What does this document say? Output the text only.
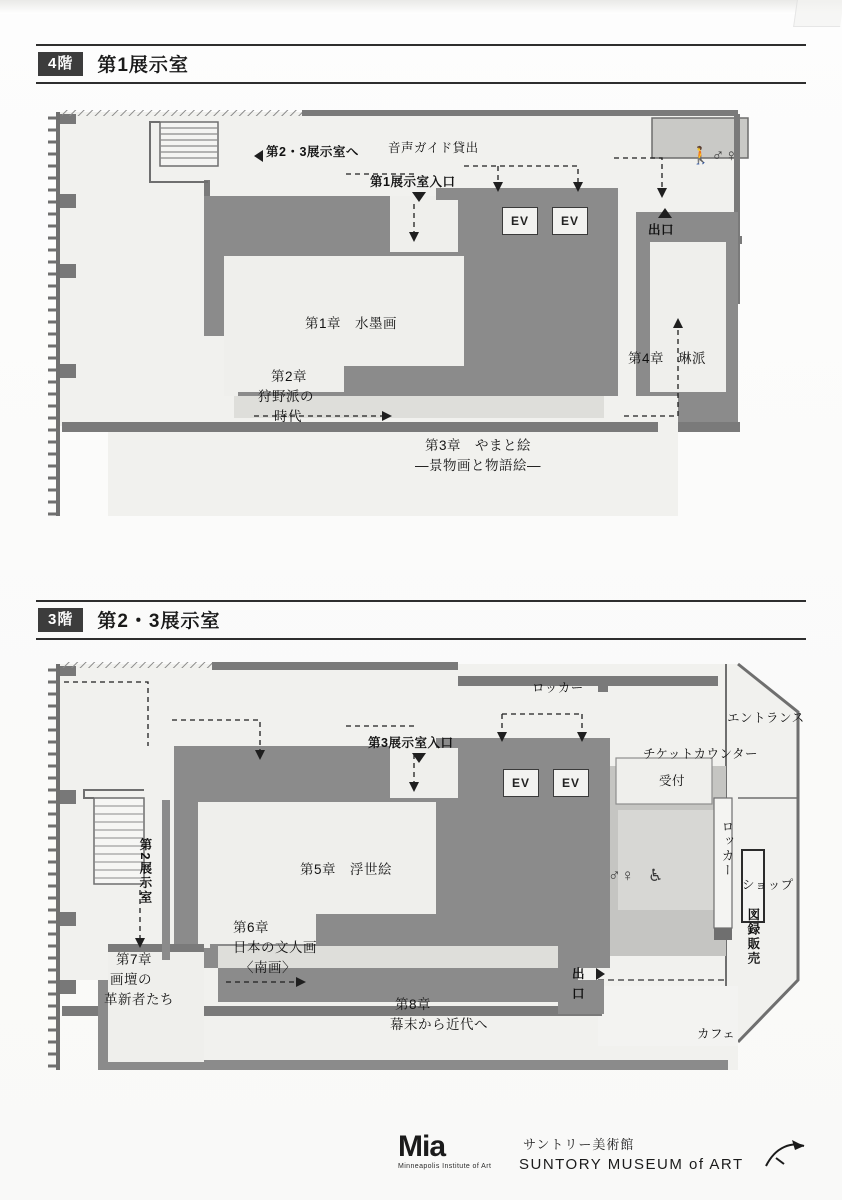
4階	第1展示室
音声ガイド貸出
第2・3展示室へ
第1展示室入口
出口
EV	EV
🚶♂♀
第1章　水墨画
第2章
狩野派の
時代
第3章　やまと絵
—景物画と物語絵—
第4章　琳派
3階	第2・3展示室
ロッカー
エントランス
チケットカウンター
受付
第3展示室入口
EV	EV
ロッカー
ショップ
図録販売
カフェ
出
口
第2展示室	第5章　浮世絵
第6章
日本の文人画
〈南画〉
第7章
画壇の
革新者たち	第8章
幕末から近代へ
♂♀ ♿
Mia
Minneapolis Institute of Art
サントリー美術館
SUNTORY MUSEUM of ART
